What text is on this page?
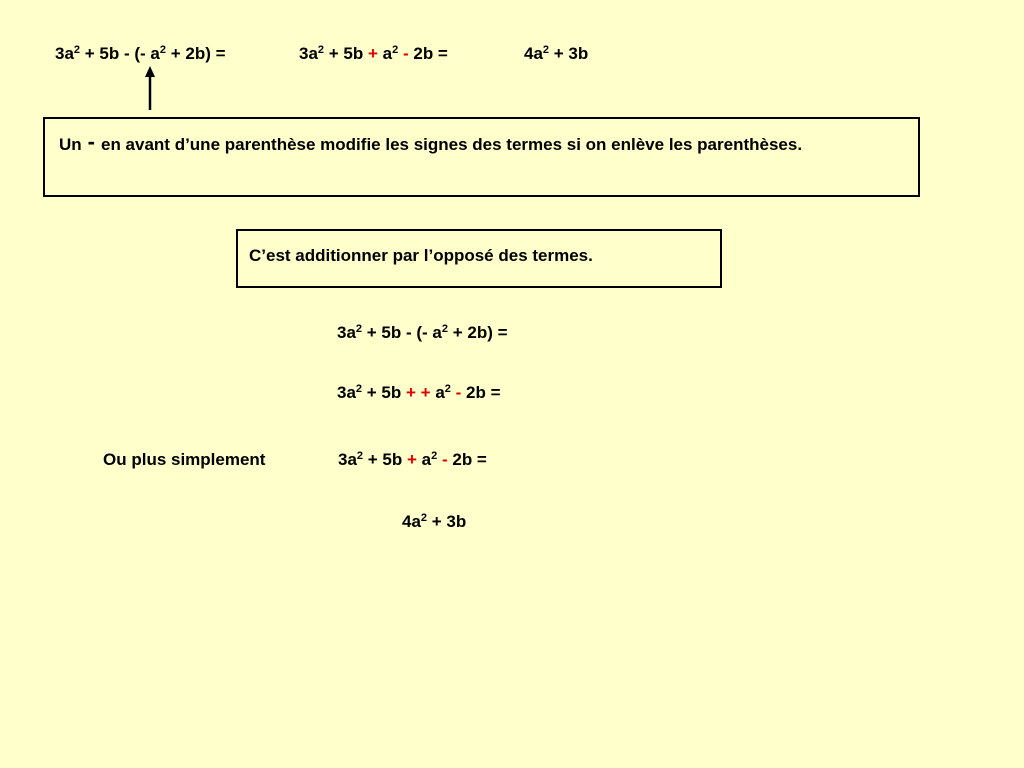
$3a^2 + 5b$ - (- $a^2 + 2b$) =	$3a^2 + 5b + a^2 - 2b$ =	$4a^2 + 3b$
Un - en avant d’une parenthèse modifie les signes des termes si on enlève les parenthèses.
C’est additionner par l’opposé des termes.
$3a^2 + 5b$ - (- $a^2 + 2b$) =
$3a^2 + 5b$ + + $a^2 - 2b$ =
Ou plus simplement	$3a^2 + 5b + a^2 - 2b$ =
$4a^2 + 3b$
